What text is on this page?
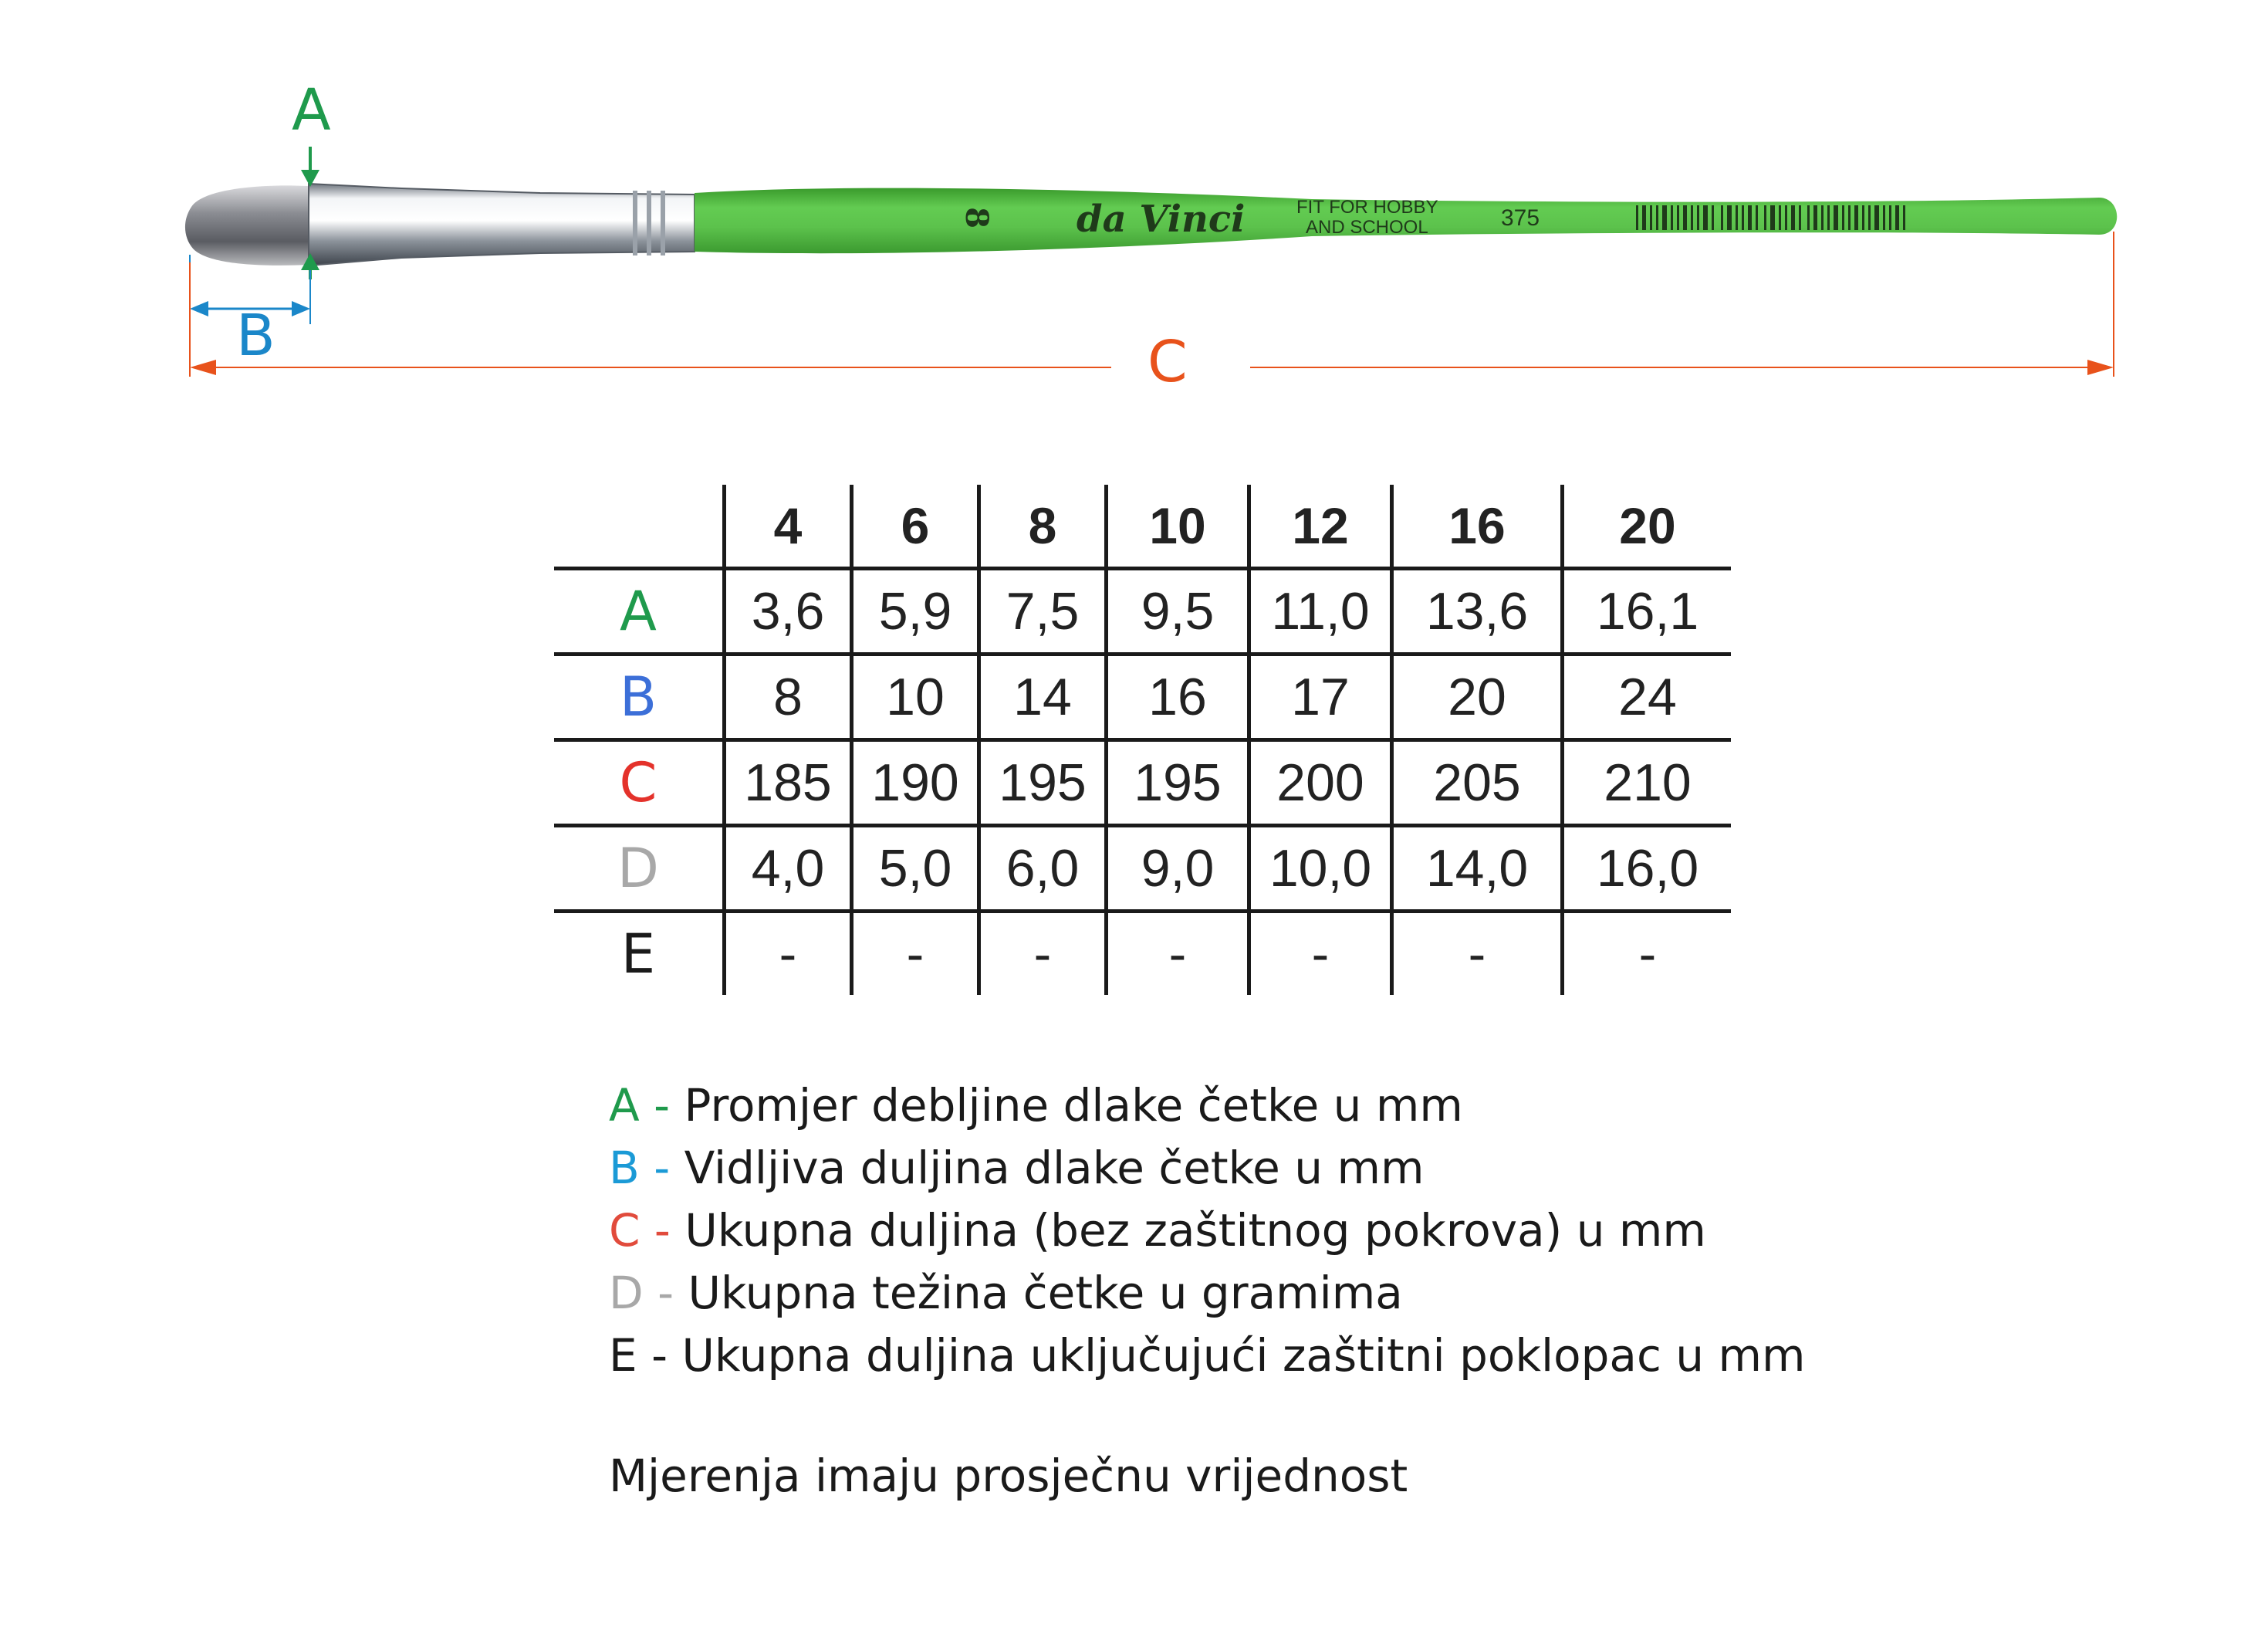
8 da Vinci	FIT FOR HOBBY
AND SCHOOL	375
A
B	C
	4	6	8	10	12	16	20
A	3,6	5,9	7,5	9,5	11,0	13,6	16,1
B	8	10	14	16	17	20	24
C	185	190	195	195	200	205	210
D	4,0	5,0	6,0	9,0	10,0	14,0	16,0
E	-	-	-	-	-	-	-
A - Promjer debljine dlake četke u mm
B - Vidljiva duljina dlake četke u mm
C - Ukupna duljina (bez zaštitnog pokrova) u mm
D - Ukupna težina četke u gramima
E - Ukupna duljina uključujući zaštitni poklopac u mm
Mjerenja imaju prosječnu vrijednost
